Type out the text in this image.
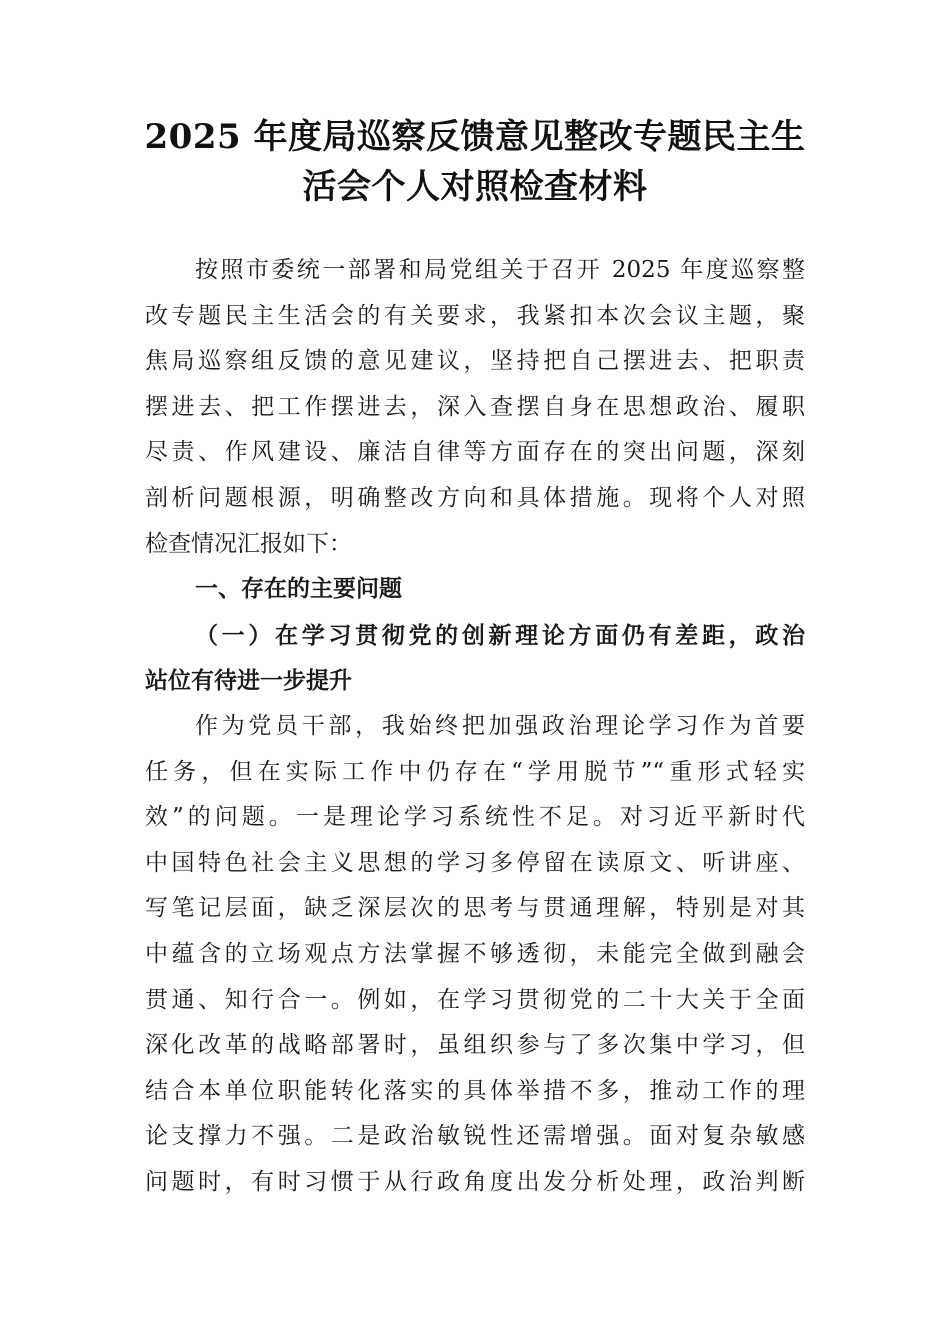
2025 年度局巡察反馈意见整改专题民主生
活会个人对照检查材料

按照市委统一部署和局党组关于召开 2025 年度巡察整
改专题民主生活会的有关要求，我紧扣本次会议主题，聚
焦局巡察组反馈的意见建议，坚持把自己摆进去、把职责
摆进去、把工作摆进去，深入查摆自身在思想政治、履职
尽责、作风建设、廉洁自律等方面存在的突出问题，深刻
剖析问题根源，明确整改方向和具体措施。现将个人对照
检查情况汇报如下：

一、存在的主要问题

（一）在学习贯彻党的创新理论方面仍有差距，政治
站位有待进一步提升

作为党员干部，我始终把加强政治理论学习作为首要
任务，但在实际工作中仍存在“学用脱节”“重形式轻实
效”的问题。一是理论学习系统性不足。对习近平新时代
中国特色社会主义思想的学习多停留在读原文、听讲座、
写笔记层面，缺乏深层次的思考与贯通理解，特别是对其
中蕴含的立场观点方法掌握不够透彻，未能完全做到融会
贯通、知行合一。例如，在学习贯彻党的二十大关于全面
深化改革的战略部署时，虽组织参与了多次集中学习，但
结合本单位职能转化落实的具体举措不多，推动工作的理
论支撑力不强。二是政治敏锐性还需增强。面对复杂敏感
问题时，有时习惯于从行政角度出发分析处理，政治判断
